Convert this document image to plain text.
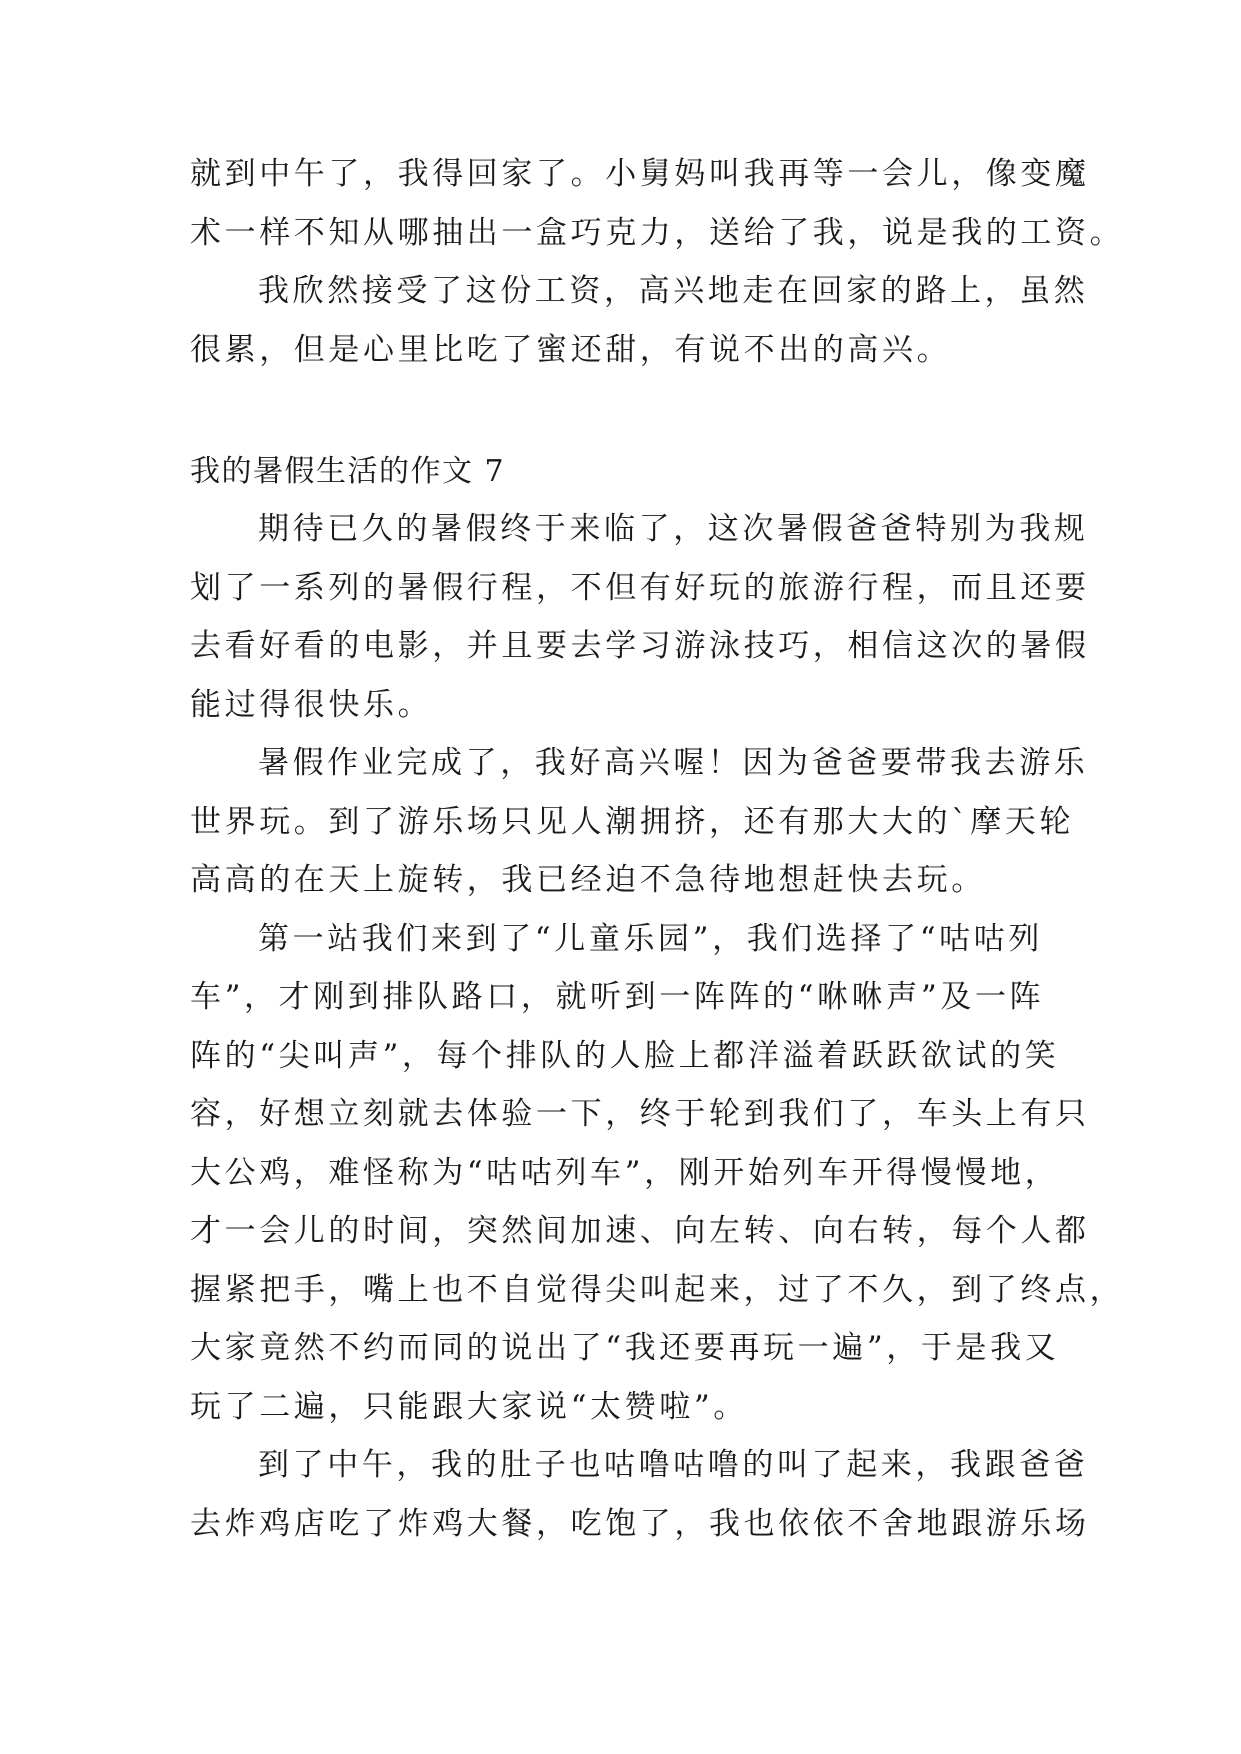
就到中午了，我得回家了。小舅妈叫我再等一会儿，像变魔
术一样不知从哪抽出一盒巧克力，送给了我，说是我的工资。
我欣然接受了这份工资，高兴地走在回家的路上，虽然
很累，但是心里比吃了蜜还甜，有说不出的高兴。
我的暑假生活的作文 7
期待已久的暑假终于来临了，这次暑假爸爸特别为我规
划了一系列的暑假行程，不但有好玩的旅游行程，而且还要
去看好看的电影，并且要去学习游泳技巧，相信这次的暑假
能过得很快乐。
暑假作业完成了，我好高兴喔！因为爸爸要带我去游乐
世界玩。到了游乐场只见人潮拥挤，还有那大大的`摩天轮
高高的在天上旋转，我已经迫不急待地想赶快去玩。
第一站我们来到了“儿童乐园”，我们选择了“咕咕列
车”，才刚到排队路口，就听到一阵阵的“咻咻声”及一阵
阵的“尖叫声”，每个排队的人脸上都洋溢着跃跃欲试的笑
容，好想立刻就去体验一下，终于轮到我们了，车头上有只
大公鸡，难怪称为“咕咕列车”，刚开始列车开得慢慢地，
才一会儿的时间，突然间加速、向左转、向右转，每个人都
握紧把手，嘴上也不自觉得尖叫起来，过了不久，到了终点，
大家竟然不约而同的说出了“我还要再玩一遍”，于是我又
玩了二遍，只能跟大家说“太赞啦”。
到了中午，我的肚子也咕噜咕噜的叫了起来，我跟爸爸
去炸鸡店吃了炸鸡大餐，吃饱了，我也依依不舍地跟游乐场
